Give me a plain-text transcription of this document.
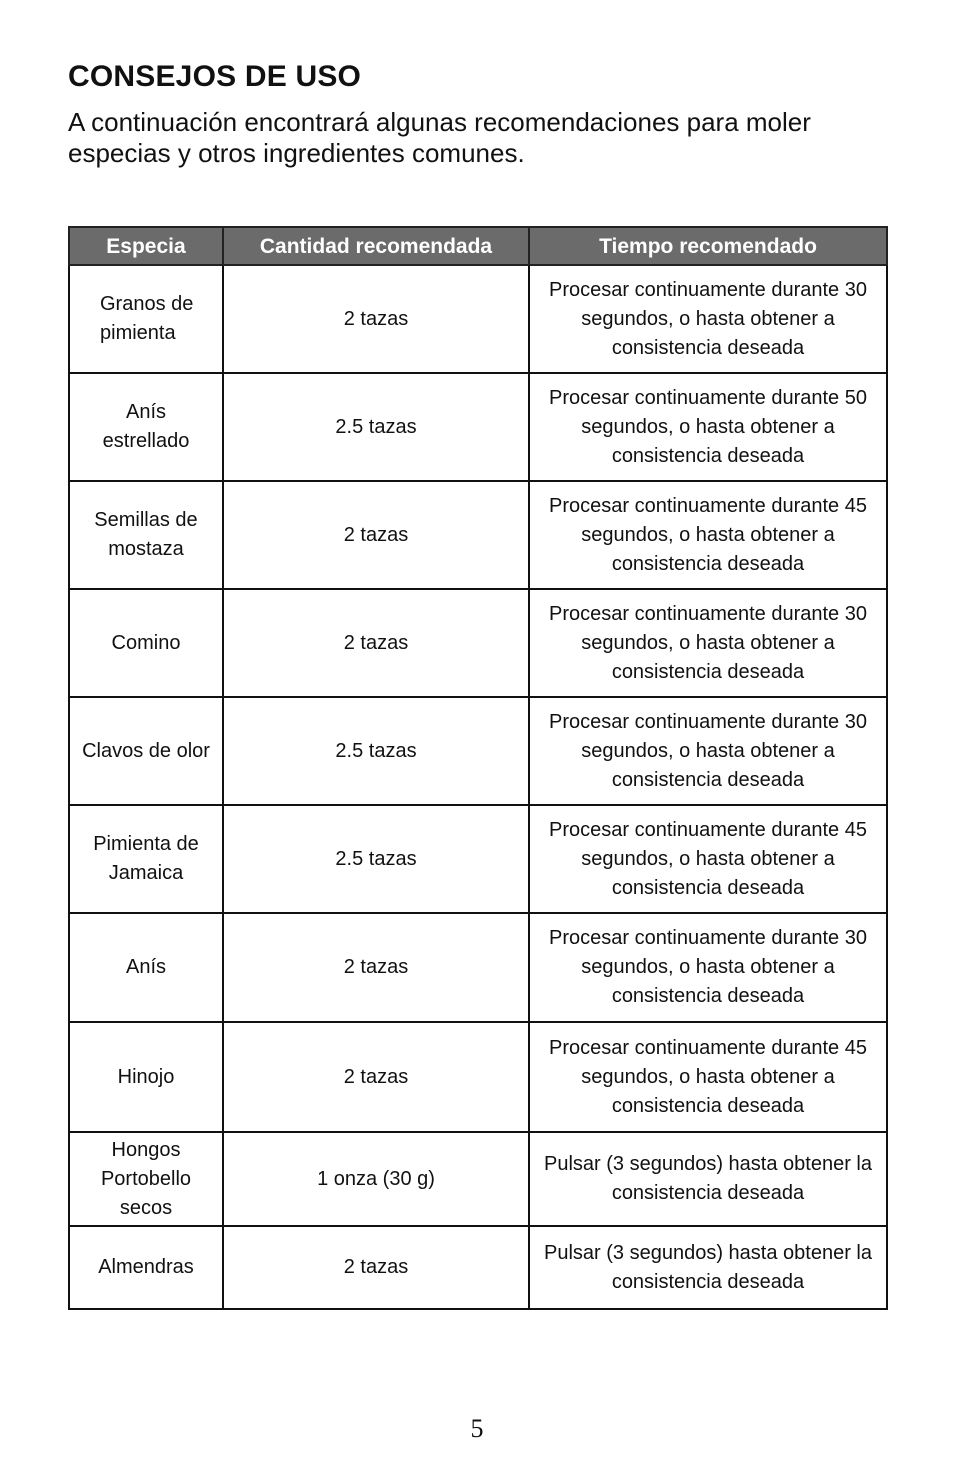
CONSEJOS DE USO

A continuación encontrará algunas recomendaciones para moler especias y otros ingredientes comunes.

Especia	Cantidad recomendada	Tiempo recomendado
Granos de pimienta	2 tazas	Procesar continuamente durante 30 segundos, o hasta obtener a consistencia deseada
Anís estrellado	2.5 tazas	Procesar continuamente durante 50 segundos, o hasta obtener a consistencia deseada
Semillas de mostaza	2 tazas	Procesar continuamente durante 45 segundos, o hasta obtener a consistencia deseada
Comino	2 tazas	Procesar continuamente durante 30 segundos, o hasta obtener a consistencia deseada
Clavos de olor	2.5 tazas	Procesar continuamente durante 30 segundos, o hasta obtener a consistencia deseada
Pimienta de Jamaica	2.5 tazas	Procesar continuamente durante 45 segundos, o hasta obtener a consistencia deseada
Anís	2 tazas	Procesar continuamente durante 30 segundos, o hasta obtener a consistencia deseada
Hinojo	2 tazas	Procesar continuamente durante 45 segundos, o hasta obtener a consistencia deseada
Hongos Portobello secos	1 onza (30 g)	Pulsar (3 segundos) hasta obtener la consistencia deseada
Almendras	2 tazas	Pulsar (3 segundos) hasta obtener la consistencia deseada
5
